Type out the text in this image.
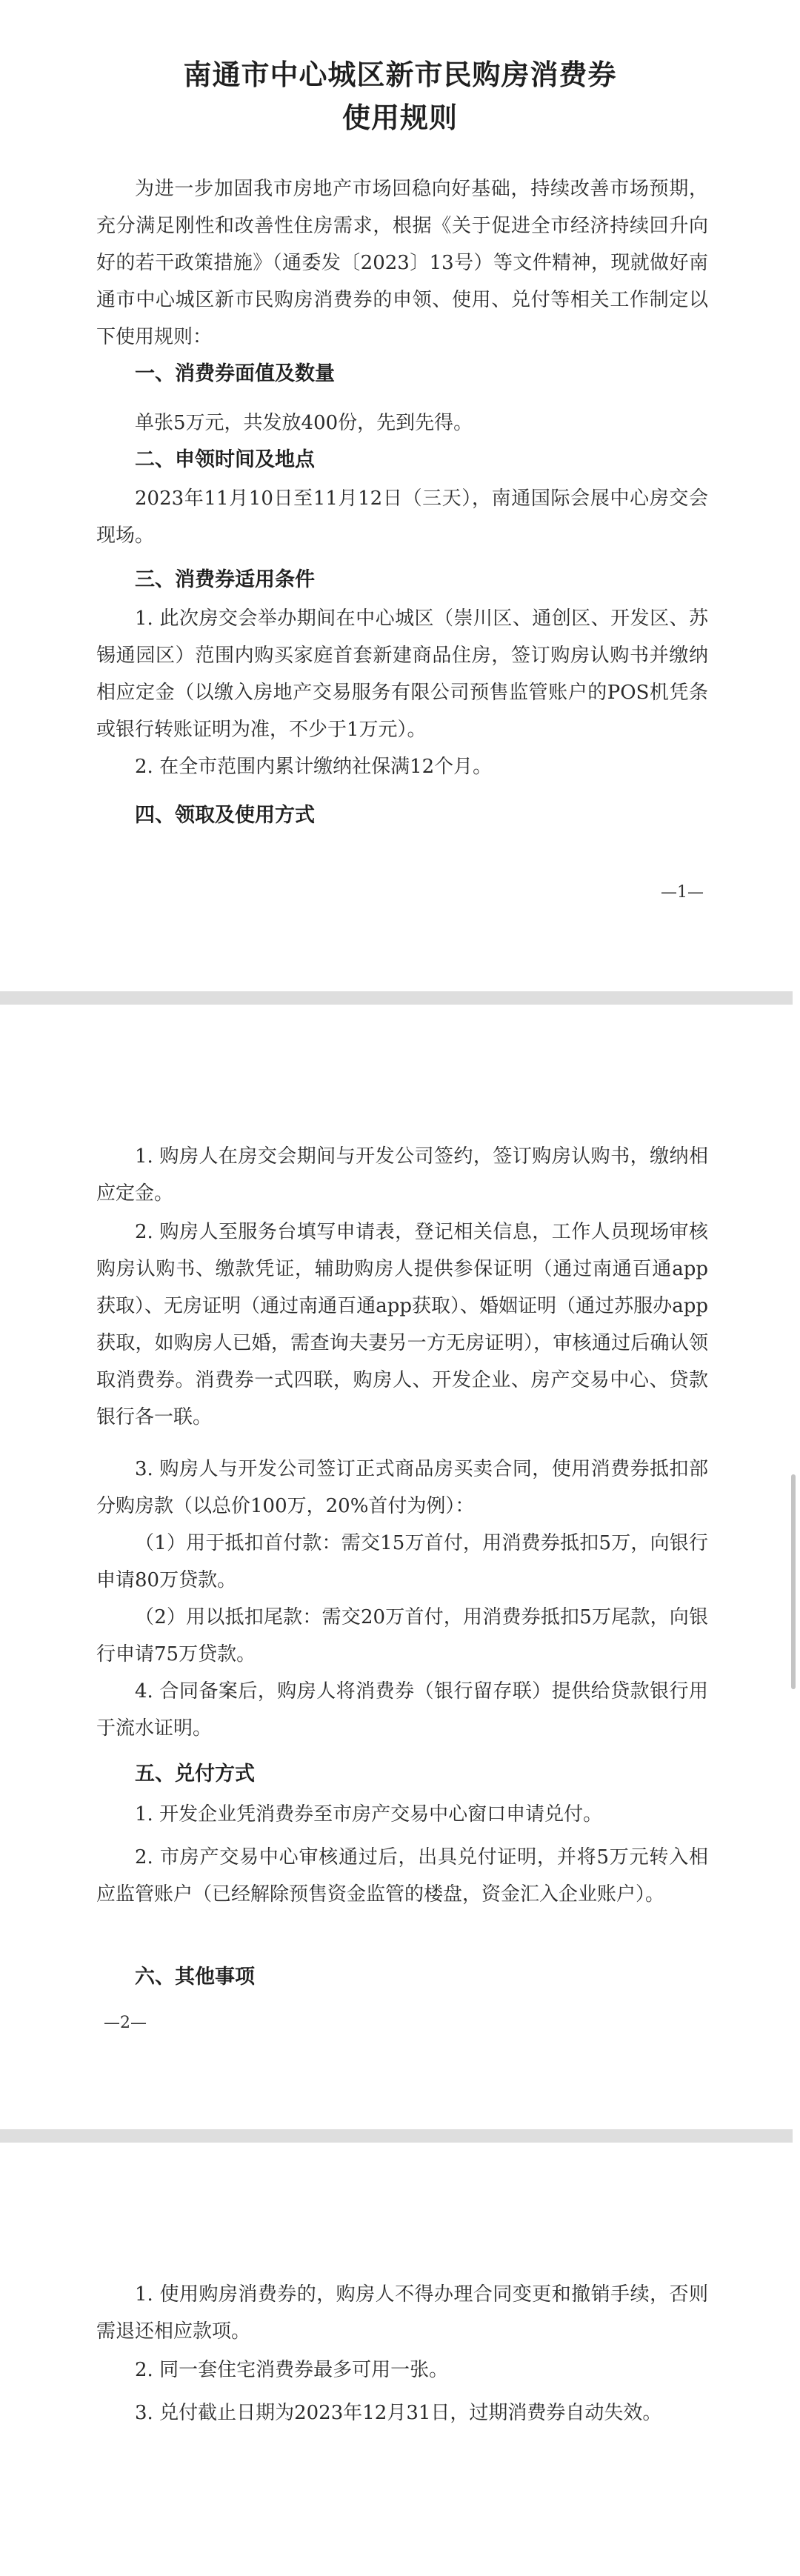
南通市中心城区新市民购房消费券
使用规则

为进一步加固我市房地产市场回稳向好基础，持续改善市场预期，充分满足刚性和改善性住房需求，根据《关于促进全市经济持续回升向好的若干政策措施》（通委发〔2023〕13号）等文件精神，现就做好南通市中心城区新市民购房消费券的申领、使用、兑付等相关工作制定以下使用规则：

一、消费券面值及数量

单张5万元，共发放400份，先到先得。

二、申领时间及地点

2023年11月10日至11月12日（三天），南通国际会展中心房交会现场。

三、消费券适用条件

1. 此次房交会举办期间在中心城区（崇川区、通创区、开发区、苏锡通园区）范围内购买家庭首套新建商品住房，签订购房认购书并缴纳相应定金（以缴入房地产交易服务有限公司预售监管账户的POS机凭条或银行转账证明为准，不少于1万元）。

2. 在全市范围内累计缴纳社保满12个月。

四、领取及使用方式

—1—

1. 购房人在房交会期间与开发公司签约，签订购房认购书，缴纳相应定金。

2. 购房人至服务台填写申请表，登记相关信息，工作人员现场审核购房认购书、缴款凭证，辅助购房人提供参保证明（通过南通百通app获取）、无房证明（通过南通百通app获取）、婚姻证明（通过苏服办app获取，如购房人已婚，需查询夫妻另一方无房证明），审核通过后确认领取消费券。消费券一式四联，购房人、开发企业、房产交易中心、贷款银行各一联。

3. 购房人与开发公司签订正式商品房买卖合同，使用消费券抵扣部分购房款（以总价100万，20%首付为例）：

（1）用于抵扣首付款：需交15万首付，用消费券抵扣5万，向银行申请80万贷款。

（2）用以抵扣尾款：需交20万首付，用消费券抵扣5万尾款，向银行申请75万贷款。

4. 合同备案后，购房人将消费券（银行留存联）提供给贷款银行用于流水证明。

五、兑付方式

1. 开发企业凭消费券至市房产交易中心窗口申请兑付。

2. 市房产交易中心审核通过后，出具兑付证明，并将5万元转入相应监管账户（已经解除预售资金监管的楼盘，资金汇入企业账户）。

六、其他事项

—2—

1. 使用购房消费券的，购房人不得办理合同变更和撤销手续，否则需退还相应款项。

2. 同一套住宅消费券最多可用一张。

3. 兑付截止日期为2023年12月31日，过期消费券自动失效。
